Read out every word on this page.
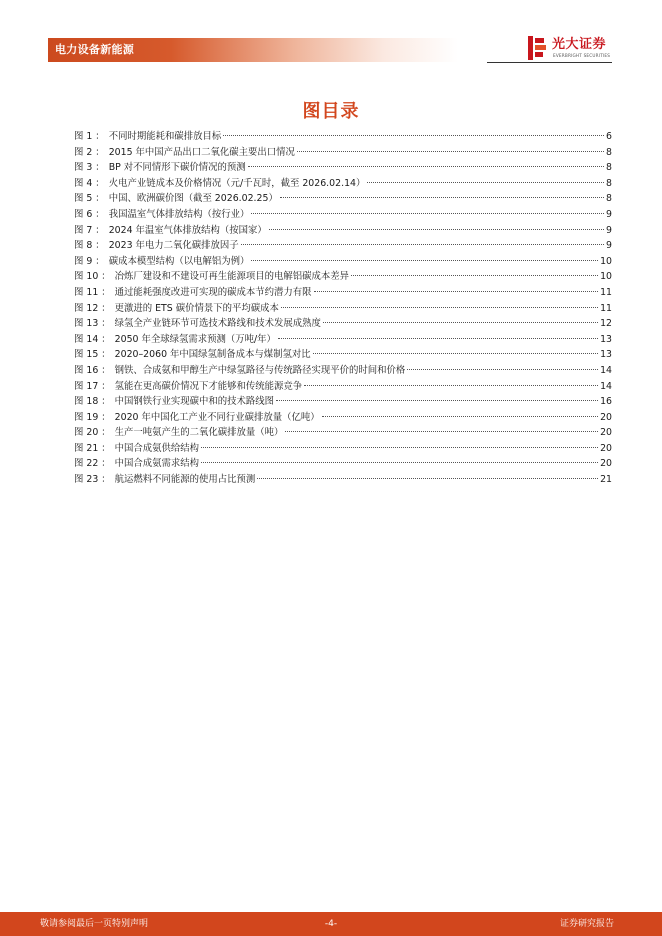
电力设备新能源	光大证券
EVERBRIGHT SECURITIES
图目录
图 1 ： 不同时期能耗和碳排放目标	6
图 2 ： 2015 年中国产品出口二氧化碳主要出口情况	8
图 3 ： BP 对不同情形下碳价情况的预测	8
图 4 ： 火电产业链成本及价格情况（元/千瓦时，截至 2026.02.14）	8
图 5 ： 中国、欧洲碳价图（截至 2026.02.25）	8
图 6 ： 我国温室气体排放结构（按行业）	9
图 7 ： 2024 年温室气体排放结构（按国家）	9
图 8 ： 2023 年电力二氧化碳排放因子	9
图 9 ： 碳成本模型结构（以电解铝为例）	10
图 10 ： 冶炼厂建设和不建设可再生能源项目的电解铝碳成本差异	10
图 11 ： 通过能耗强度改进可实现的碳成本节约潜力有限	11
图 12 ： 更激进的 ETS 碳价情景下的平均碳成本	11
图 13 ： 绿氢全产业链环节可选技术路线和技术发展成熟度	12
图 14 ： 2050 年全球绿氢需求预测（万吨/年）	13
图 15 ： 2020–2060 年中国绿氢制备成本与煤制氢对比	13
图 16 ： 钢铁、合成氨和甲醇生产中绿氢路径与传统路径实现平价的时间和价格	14
图 17 ： 氢能在更高碳价情况下才能够和传统能源竞争	14
图 18 ： 中国钢铁行业实现碳中和的技术路线图	16
图 19 ： 2020 年中国化工产业不同行业碳排放量（亿吨）	20
图 20 ： 生产一吨氨产生的二氧化碳排放量（吨）	20
图 21 ： 中国合成氨供给结构	20
图 22 ： 中国合成氨需求结构	20
图 23 ： 航运燃料不同能源的使用占比预测	21
敬请参阅最后一页特别声明	-4-	证券研究报告
